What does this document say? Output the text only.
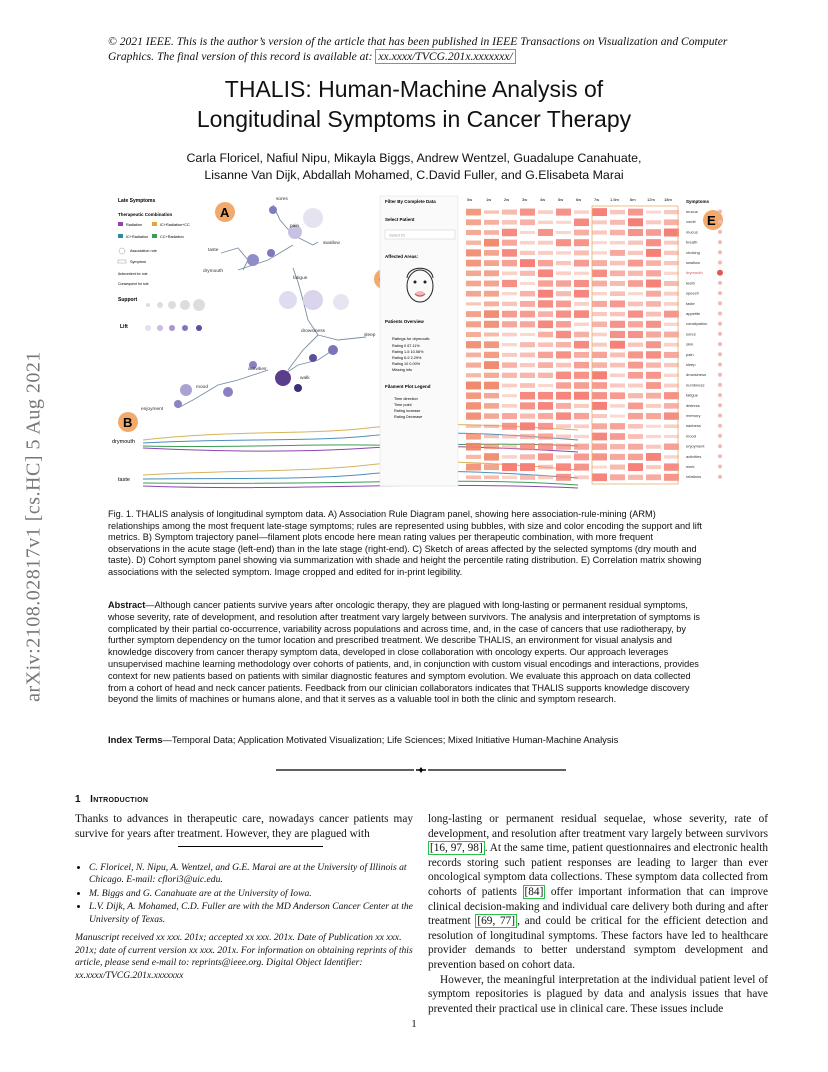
© 2021 IEEE. This is the author’s version of the article that has been published in IEEE Transactions on Visualization and Computer Graphics. The final version of this record is available at: xx.xxxx/TVCG.201x.xxxxxxx/
THALIS: Human-Machine Analysis of
Longitudinal Symptoms in Cancer Therapy
Carla Floricel, Nafiul Nipu, Mikayla Biggs, Andrew Wentzel, Guadalupe Canahuate,
Lisanne Van Dijk, Abdallah Mohamed, C.David Fuller, and G.Elisabeta Marai
arXiv:2108.02817v1 [cs.HC] 5 Aug 2021
Late Symptoms
Therapeutic Combination
Radiation	IC+Radiation+CC
IC+Radiation	CC+Radiation
Association rule
Symptom
Antecedent for rule
Consequent for rule
Support
Lift
sores
pain
taste
swallow
drymouth
fatigue
drowsiness
sleep
activities
mood
walk
enjoyment
A
B
E
drymouth
taste
Filter By Complete Data
Select Patient
Select ID
Affected Areas:
Patients Overview
Ratings for drymouth:
Rating 0 67.11%
Rating 1-5 10.56%
Rating 6-9 2.29%
Rating 10 0.00%
Missing info
Filament Plot Legend
Time direction
Time point
Rating increase
Rating Decrease
0w	1w	2w	3w	4w	5w	6w	7w	1.5m	6m	12m 18m	Symptoms
mucus
vomit
mucus
breath
choking
swallow
drymouth
teeth
speech
taste
appetite
constipation
sores
skin
pain
sleep
drowsiness
numbness
fatigue
distress
memory
sadness
mood
enjoyment
activities
work
relations
Fig. 1. THALIS analysis of longitudinal symptom data. A) Association Rule Diagram panel, showing here association-rule-mining (ARM) relationships among the most frequent late-stage symptoms; rules are represented using bubbles, with size and color encoding the support and lift metrics. B) Symptom trajectory panel—filament plots encode here mean rating values per therapeutic combination, with more frequent observations in the acute stage (left-end) than in the late stage (right-end). C) Sketch of areas affected by the selected symptoms (dry mouth and taste). D) Cohort symptom panel showing via summarization with shade and height the percentile rating distribution. E) Correlation matrix showing associations with the selected symptom. Image cropped and edited for in-print legibility.
Abstract—Although cancer patients survive years after oncologic therapy, they are plagued with long-lasting or permanent residual symptoms, whose severity, rate of development, and resolution after treatment vary largely between survivors. The analysis and interpretation of symptoms is complicated by their partial co-occurrence, variability across populations and across time, and, in the case of cancers that use radiotherapy, by further symptom dependency on the tumor location and prescribed treatment. We describe THALIS, an environment for visual analysis and knowledge discovery from cancer therapy symptom data, developed in close collaboration with oncology experts. Our approach leverages unsupervised machine learning methodology over cohorts of patients, and, in conjunction with custom visual encodings and interactions, provides context for new patients based on patients with similar diagnostic features and symptom evolution. We evaluate this approach on data collected from a cohort of head and neck cancer patients. Feedback from our clinician collaborators indicates that THALIS supports knowledge discovery beyond the limits of machines or humans alone, and that it serves as a valuable tool in both the clinic and symptom research.
Index Terms—Temporal Data; Application Motivated Visualization; Life Sciences; Mixed Initiative Human-Machine Analysis
1 Introduction
Thanks to advances in therapeutic care, nowadays cancer patients may survive for years after treatment. However, they are plagued with
• C. Floricel, N. Nipu, A. Wentzel, and G.E. Marai are at the University of Illinois at Chicago. E-mail: cflori3@uic.edu.
• M. Biggs and G. Canahuate are at the University of Iowa.
• L.V. Dijk, A. Mohamed, C.D. Fuller are with the MD Anderson Cancer Center at the University of Texas.
Manuscript received xx xxx. 201x; accepted xx xxx. 201x. Date of Publication xx xxx. 201x; date of current version xx xxx. 201x. For information on obtaining reprints of this article, please send e-mail to: reprints@ieee.org. Digital Object Identifier: xx.xxxx/TVCG.201x.xxxxxxx
long-lasting or permanent residual sequelae, whose severity, rate of development, and resolution after treatment vary largely between survivors [16, 97, 98] . At the same time, patient questionnaires and electronic health records storing such patient responses are leading to larger than ever oncological symptom data collections. These symptom data collected from cohorts of patients [84] offer important information that can improve clinical decision-making and individual care delivery both during and after treatment [69, 77] , and could be critical for the efficient detection and resolution of longitudinal symptoms. These factors have led to healthcare provider demands to better understand symptom development and prevention based on cohort data.
However, the meaningful interpretation at the individual patient level of symptom repositories is plagued by data and analysis issues that have prevented their practical use in clinical care. These issues include
1
